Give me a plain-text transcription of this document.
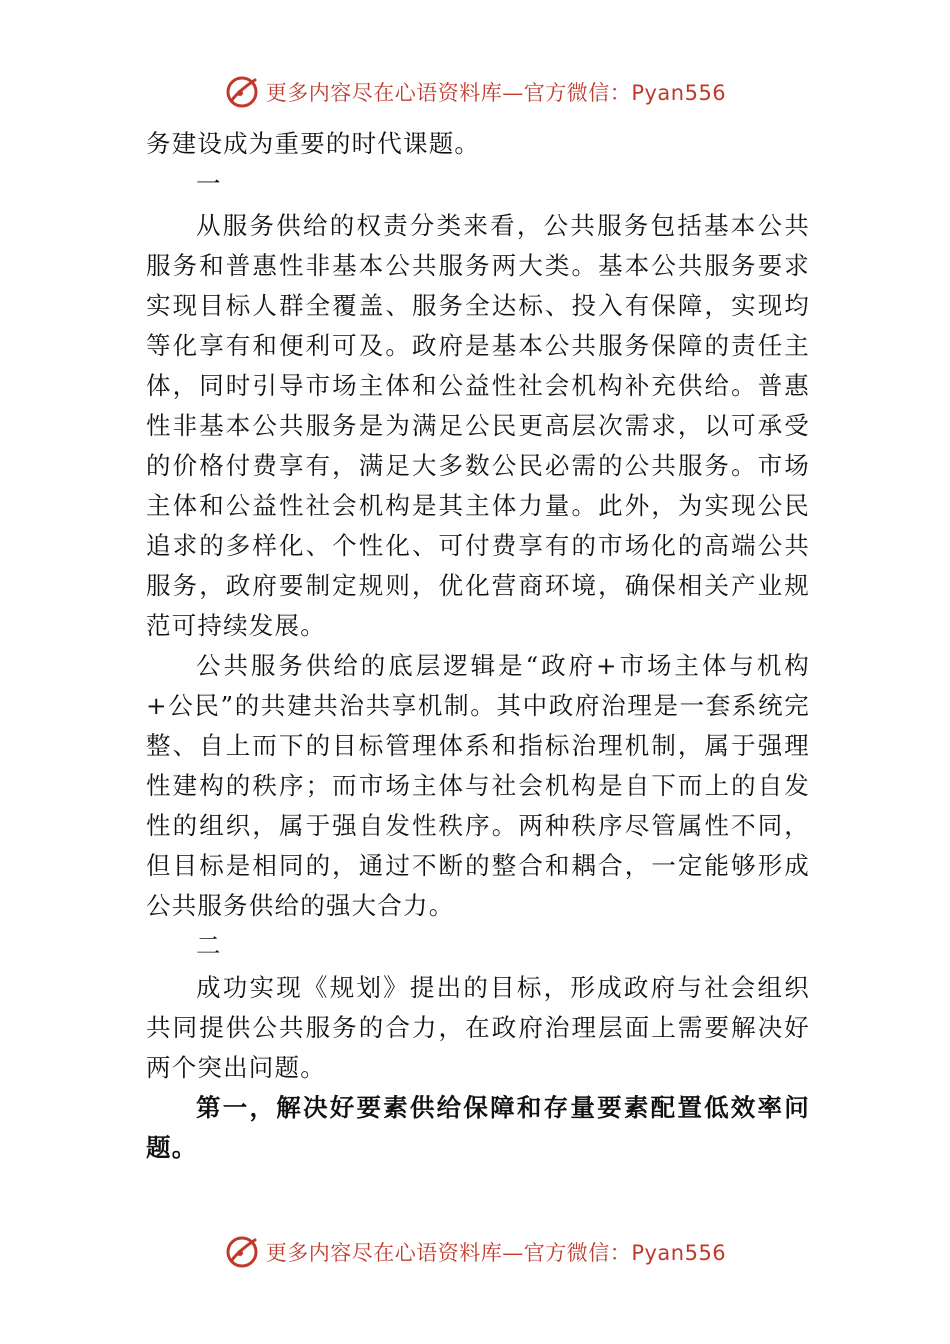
更多内容尽在心语资料库—官方微信：Pyan556

务建设成为重要的时代课题。

一

从服务供给的权责分类来看，公共服务包括基本公共服务和普惠性非基本公共服务两大类。基本公共服务要求实现目标人群全覆盖、服务全达标、投入有保障，实现均等化享有和便利可及。政府是基本公共服务保障的责任主体，同时引导市场主体和公益性社会机构补充供给。普惠性非基本公共服务是为满足公民更高层次需求，以可承受的价格付费享有，满足大多数公民必需的公共服务。市场主体和公益性社会机构是其主体力量。此外，为实现公民追求的多样化、个性化、可付费享有的市场化的高端公共服务，政府要制定规则，优化营商环境，确保相关产业规范可持续发展。

公共服务供给的底层逻辑是“政府+市场主体与机构+公民”的共建共治共享机制。其中政府治理是一套系统完整、自上而下的目标管理体系和指标治理机制，属于强理性建构的秩序；而市场主体与社会机构是自下而上的自发性的组织，属于强自发性秩序。两种秩序尽管属性不同，但目标是相同的，通过不断的整合和耦合，一定能够形成公共服务供给的强大合力。

二

成功实现《规划》提出的目标，形成政府与社会组织共同提供公共服务的合力，在政府治理层面上需要解决好两个突出问题。

第一，解决好要素供给保障和存量要素配置低效率问题。

更多内容尽在心语资料库—官方微信：Pyan556
